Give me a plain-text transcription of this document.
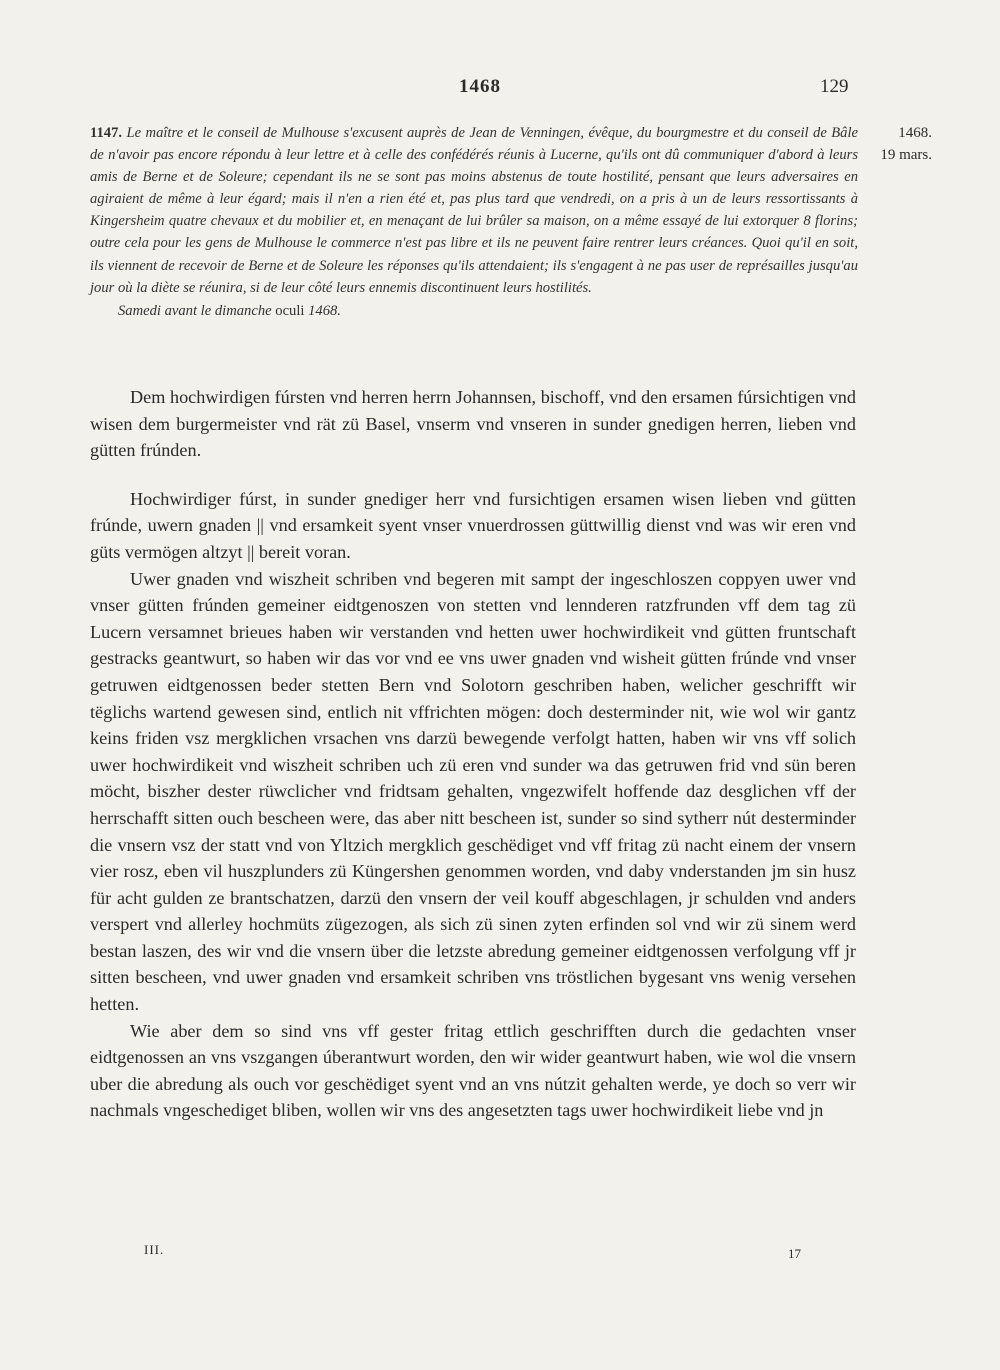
1468	129
1468.
19 mars.

1147. Le maître et le conseil de Mulhouse s'excusent auprès de Jean de Venningen, évêque, du bourgmestre et du conseil de Bâle de n'avoir pas encore répondu à leur lettre et à celle des confédérés réunis à Lucerne, qu'ils ont dû communiquer d'abord à leurs amis de Berne et de Soleure; cependant ils ne se sont pas moins abstenus de toute hostilité, pensant que leurs adversaires en agiraient de même à leur égard; mais il n'en a rien été et, pas plus tard que vendredi, on a pris à un de leurs ressortissants à Kingersheim quatre chevaux et du mobilier et, en menaçant de lui brûler sa maison, on a même essayé de lui extorquer 8 florins; outre cela pour les gens de Mulhouse le commerce n'est pas libre et ils ne peuvent faire rentrer leurs créances. Quoi qu'il en soit, ils viennent de recevoir de Berne et de Soleure les réponses qu'ils attendaient; ils s'engagent à ne pas user de représailles jusqu'au jour où la diète se réunira, si de leur côté leurs ennemis discontinuent leurs hostilités.

Samedi avant le dimanche oculi 1468.

Dem hochwirdigen fúrsten vnd herren herrn Johannsen, bischoff, vnd den ersamen fúrsichtigen vnd wisen dem burgermeister vnd rät zü Basel, vnserm vnd vnseren in sunder gnedigen herren, lieben vnd gütten frúnden.

Hochwirdiger fúrst, in sunder gnediger herr vnd fursichtigen ersamen wisen lieben vnd gütten frúnde, uwern gnaden || vnd ersamkeit syent vnser vnuerdrossen güttwillig dienst vnd was wir eren vnd güts vermögen altzyt || bereit voran.

Uwer gnaden vnd wiszheit schriben vnd begeren mit sampt der ingeschloszen coppyen uwer vnd vnser gütten frúnden gemeiner eidtgenoszen von stetten vnd lennderen ratzfrunden vff dem tag zü Lucern versamnet brieues haben wir verstanden vnd hetten uwer hochwirdikeit vnd gütten fruntschaft gestracks geantwurt, so haben wir das vor vnd ee vns uwer gnaden vnd wisheit gütten frúnde vnd vnser getruwen eidtgenossen beder stetten Bern vnd Solotorn geschriben haben, welicher geschrifft wir tëglichs wartend gewesen sind, entlich nit vffrichten mögen: doch desterminder nit, wie wol wir gantz keins friden vsz mergklichen vrsachen vns darzü bewegende verfolgt hatten, haben wir vns vff solich uwer hochwirdikeit vnd wiszheit schriben uch zü eren vnd sunder wa das getruwen frid vnd sün beren möcht, biszher dester rüwclicher vnd fridtsam gehalten, vngezwifelt hoffende daz desglichen vff der herrschafft sitten ouch bescheen were, das aber nitt bescheen ist, sunder so sind sytherr nút desterminder die vnsern vsz der statt vnd von Yltzich mergklich geschëdiget vnd vff fritag zü nacht einem der vnsern vier rosz, eben vil huszplunders zü Küngershen genommen worden, vnd daby vnderstanden jm sin husz für acht gulden ze brantschatzen, darzü den vnsern der veil kouff abgeschlagen, jr schulden vnd anders verspert vnd allerley hochmüts zügezogen, als sich zü sinen zyten erfinden sol vnd wir zü sinem werd bestan laszen, des wir vnd die vnsern über die letzste abredung gemeiner eidtgenossen verfolgung vff jr sitten bescheen, vnd uwer gnaden vnd ersamkeit schriben vns tröstlichen bygesant vns wenig versehen hetten.

Wie aber dem so sind vns vff gester fritag ettlich geschrifften durch die gedachten vnser eidtgenossen an vns vszgangen úberantwurt worden, den wir wider geantwurt haben, wie wol die vnsern uber die abredung als ouch vor geschëdiget syent vnd an vns nútzit gehalten werde, ye doch so verr wir nachmals vngeschediget bliben, wollen wir vns des angesetzten tags uwer hochwirdikeit liebe vnd jn

III.	17
